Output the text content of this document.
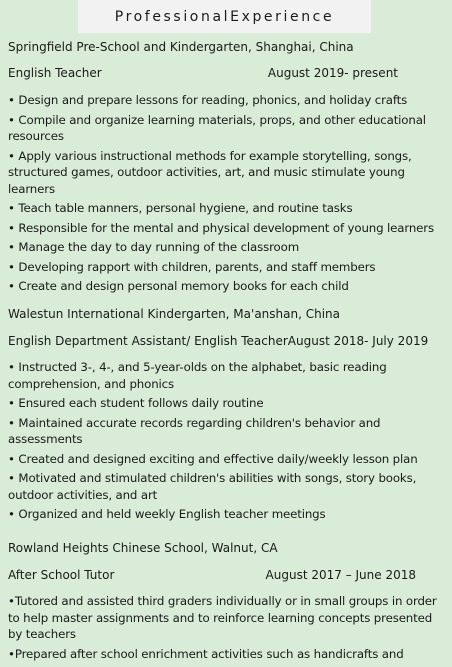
ProfessionalExperience
Springfield Pre-School and Kindergarten, Shanghai, China
English Teacher	August 2019- present
• Design and prepare lessons for reading, phonics, and holiday crafts
• Compile and organize learning materials, props, and other educational resources
• Apply various instructional methods for example storytelling, songs, structured games, outdoor activities, art, and music stimulate young learners
• Teach table manners, personal hygiene, and routine tasks
• Responsible for the mental and physical development of young learners
• Manage the day to day running of the classroom
• Developing rapport with children, parents, and staff members
• Create and design personal memory books for each child
Walestun International Kindergarten, Ma'anshan, China
English Department Assistant/ English Teacher August 2018- July 2019
• Instructed 3-, 4-, and 5-year-olds on the alphabet, basic reading comprehension, and phonics
• Ensured each student follows daily routine
• Maintained accurate records regarding children's behavior and assessments
• Created and designed exciting and effective daily/weekly lesson plan
• Motivated and stimulated children's abilities with songs, story books, outdoor activities, and art
• Organized and held weekly English teacher meetings
Rowland Heights Chinese School, Walnut, CA
After School Tutor	August 2017 – June 2018
• Tutored and assisted third graders individually or in small groups in order to help master assignments and to reinforce learning concepts presented by teachers
• Prepared after school enrichment activities such as handicrafts and
